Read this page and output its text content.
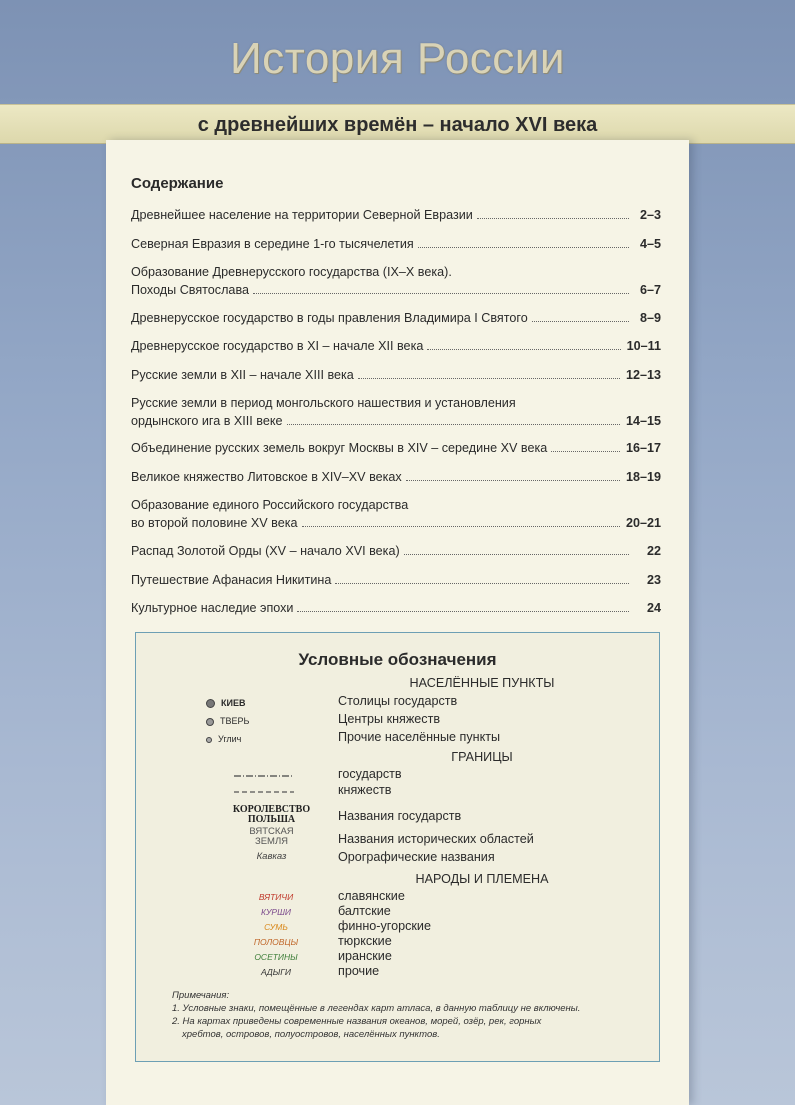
История России
с древнейших времён – начало XVI века
Содержание
Древнейшее население на территории Северной Евразии	2–3
Северная Евразия в середине 1-го тысячелетия	4–5
Образование Древнерусского государства (IX–X века).
Походы Святослава	6–7
Древнерусское государство в годы правления Владимира I Святого	8–9
Древнерусское государство в XI – начале XII века	10–11
Русские земли в XII – начале XIII века	12–13
Русские земли в период монгольского нашествия и установления
ордынского ига в XIII веке	14–15
Объединение русских земель вокруг Москвы в XIV – середине XV века	16–17
Великое княжество Литовское в XIV–XV веках	18–19
Образование единого Российского государства
во второй половине XV века	20–21
Распад Золотой Орды (XV – начало XVI века)	22
Путешествие Афанасия Никитина	23
Культурное наследие эпохи	24
Условные обозначения
НАСЕЛЁННЫЕ ПУНКТЫ
КИЕВ	Столицы государств
ТВЕРЬ	Центры княжеств
Углич	Прочие населённые пункты
ГРАНИЦЫ
государств
княжеств
КОРОЛЕВСТВО
ПОЛЬША	Названия государств
ВЯТСКАЯ
ЗЕМЛЯ	Названия исторических областей
Кавказ	Орографические названия
НАРОДЫ И ПЛЕМЕНА
ВЯТИЧИ	славянские
КУРШИ	балтские
СУМЬ	финно-угорские
ПОЛОВЦЫ	тюркские
ОСЕТИНЫ	иранские
АДЫГИ	прочие
Примечания:
1. Условные знаки, помещённые в легендах карт атласа, в данную таблицу не включены.
2. На картах приведены современные названия океанов, морей, озёр, рек, горных
хребтов, островов, полуостровов, населённых пунктов.
